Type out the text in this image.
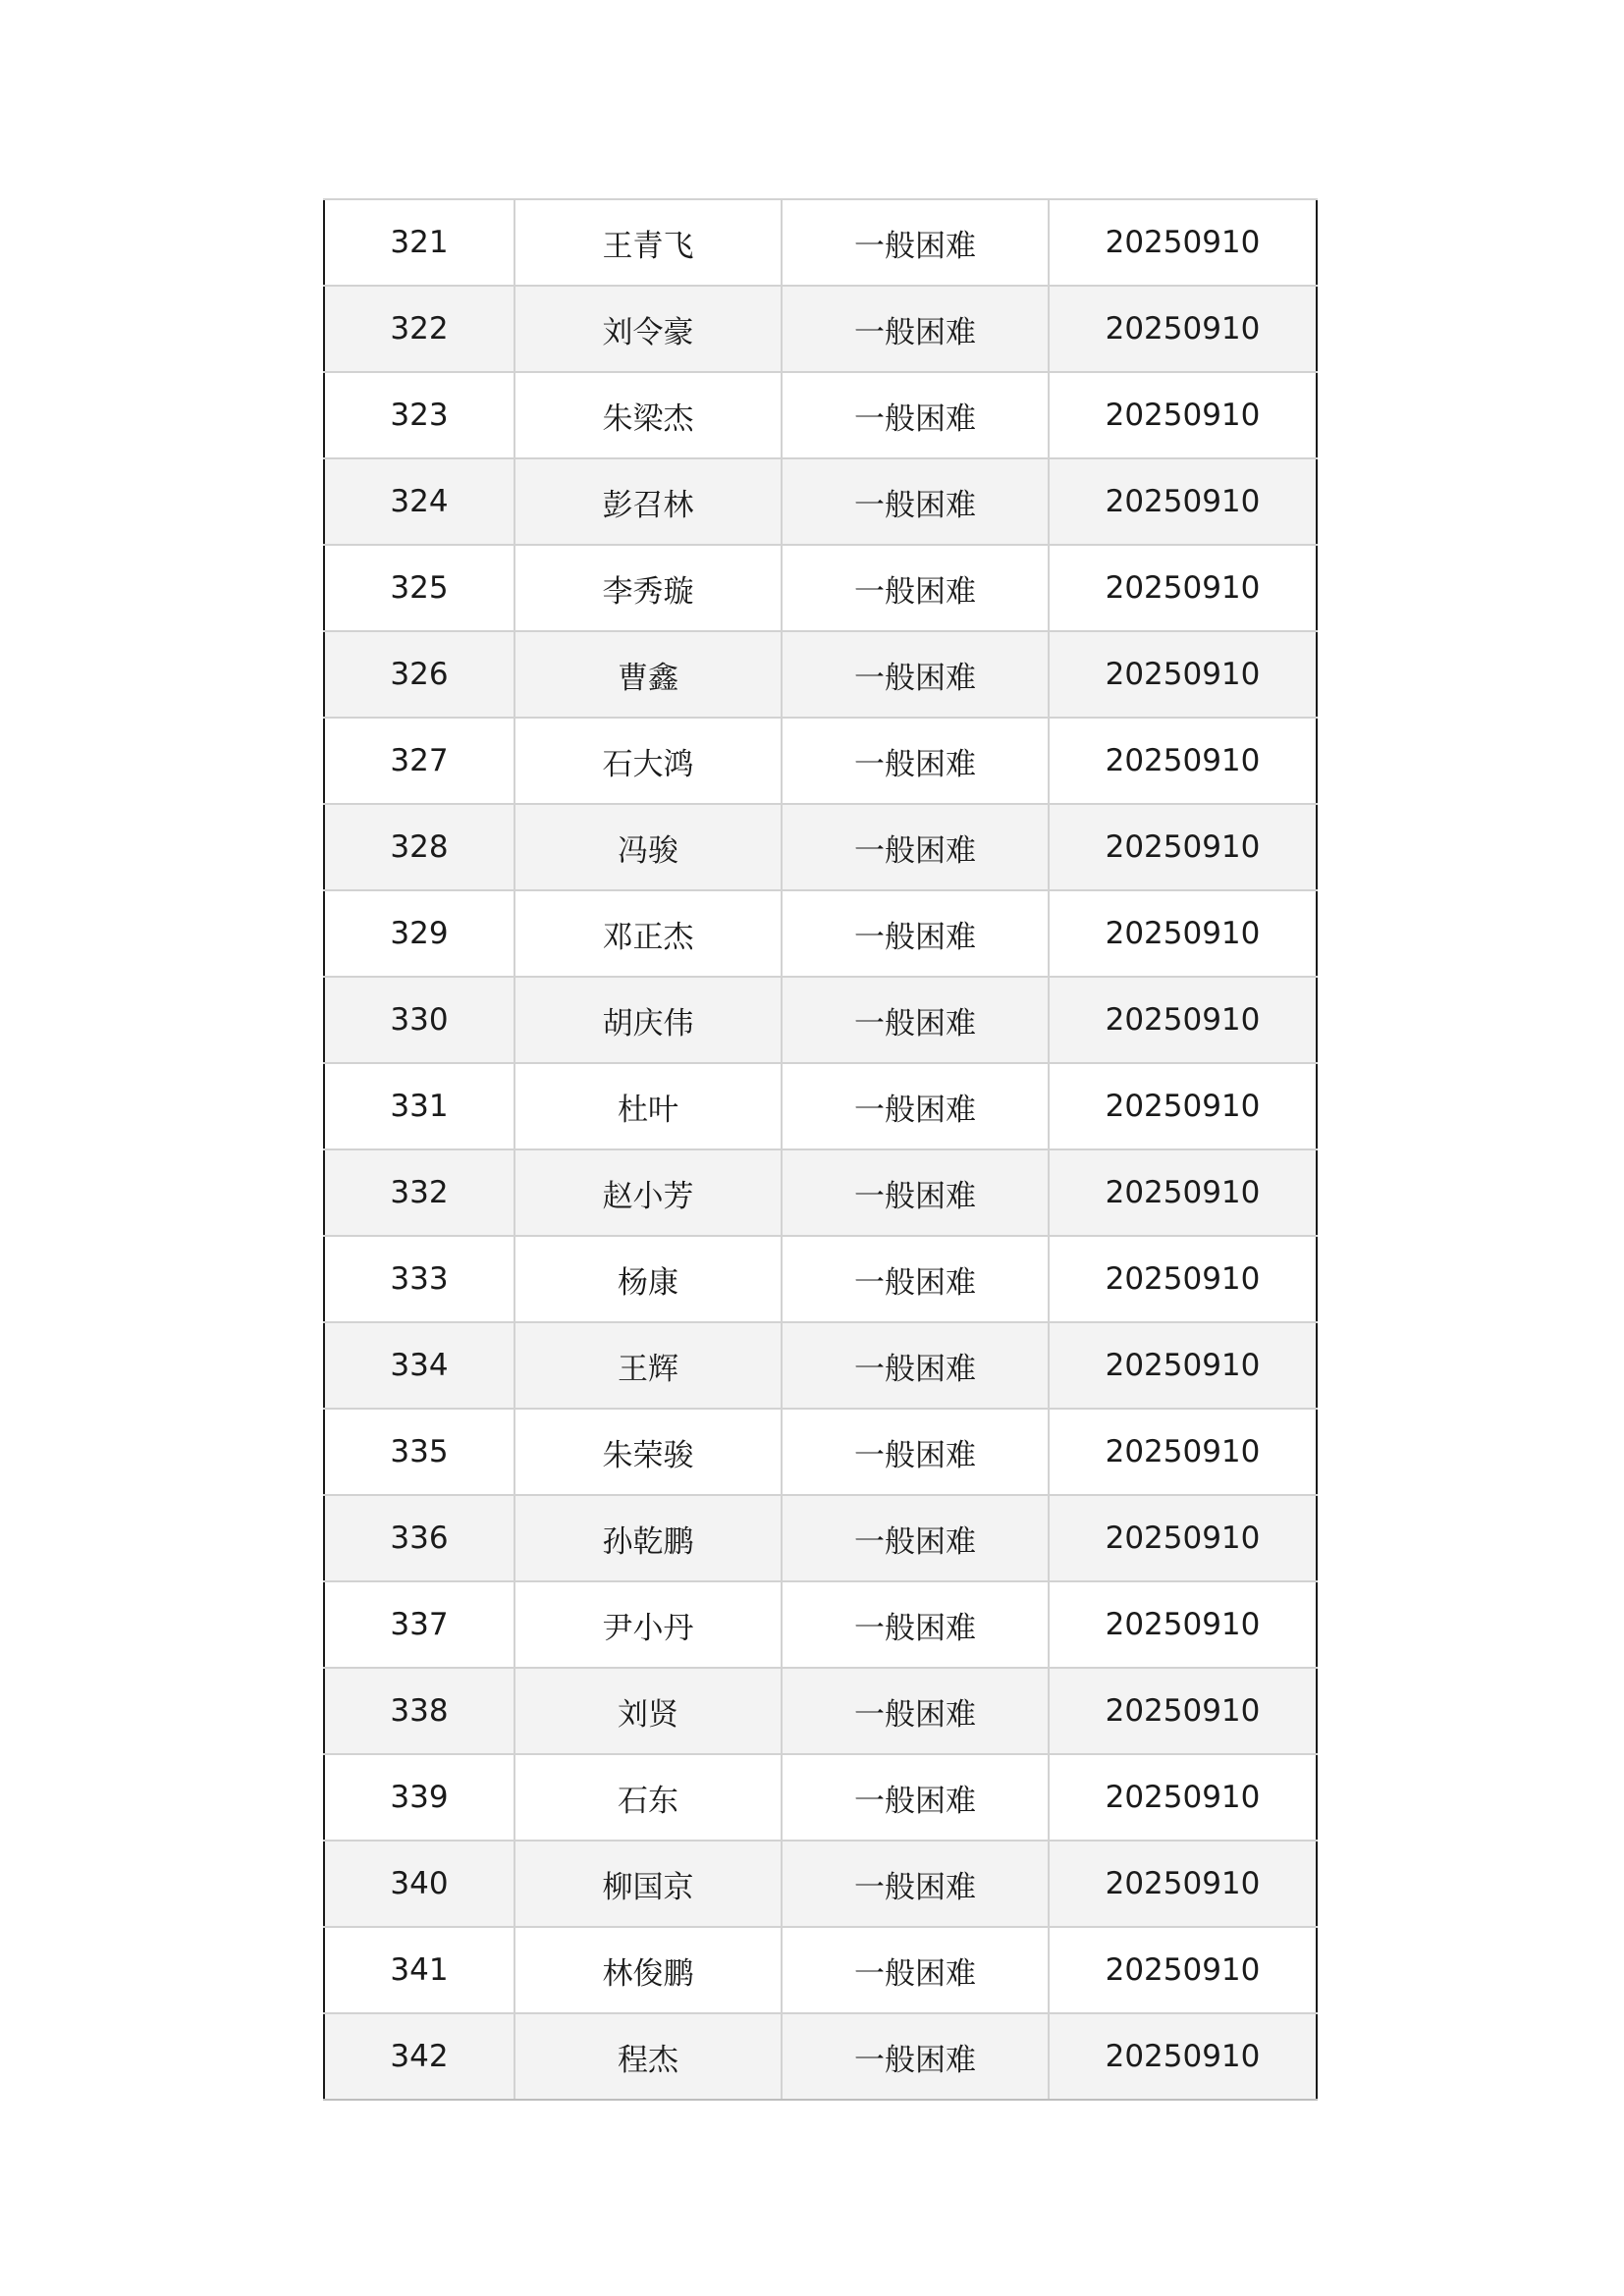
321	王青飞	一般困难	20250910
322	刘令豪	一般困难	20250910
323	朱梁杰	一般困难	20250910
324	彭召林	一般困难	20250910
325	李秀璇	一般困难	20250910
326	曹鑫	一般困难	20250910
327	石大鸿	一般困难	20250910
328	冯骏	一般困难	20250910
329	邓正杰	一般困难	20250910
330	胡庆伟	一般困难	20250910
331	杜叶	一般困难	20250910
332	赵小芳	一般困难	20250910
333	杨康	一般困难	20250910
334	王辉	一般困难	20250910
335	朱荣骏	一般困难	20250910
336	孙乾鹏	一般困难	20250910
337	尹小丹	一般困难	20250910
338	刘贤	一般困难	20250910
339	石东	一般困难	20250910
340	柳国京	一般困难	20250910
341	林俊鹏	一般困难	20250910
342	程杰	一般困难	20250910
